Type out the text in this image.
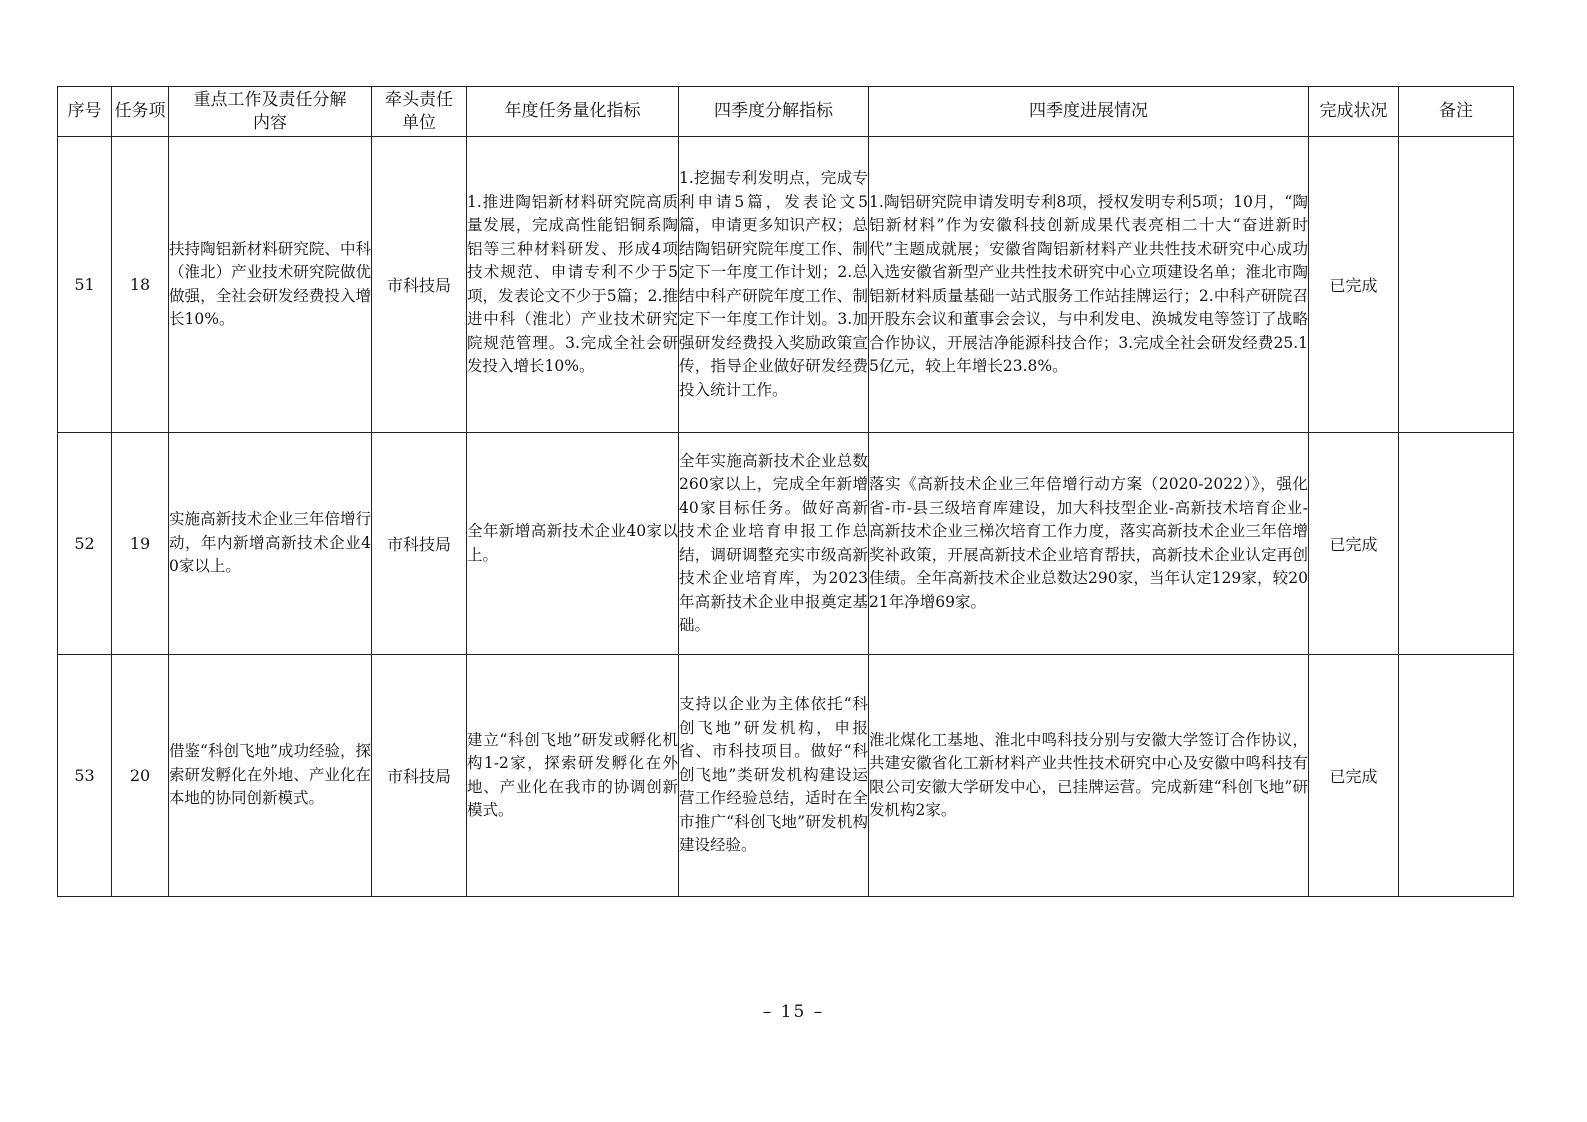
序号	任务项	重点工作及责任分解内容	牵头责任单位	年度任务量化指标	四季度分解指标	四季度进展情况	完成状况	备注
51	18	扶持陶铝新材料研究院、中科（淮北）产业技术研究院做优做强，全社会研发经费投入增长10%。	市科技局	1.推进陶铝新材料研究院高质量发展，完成高性能铝铜系陶铝等三种材料研发、形成4项技术规范、申请专利不少于5项，发表论文不少于5篇；2.推进中科（淮北）产业技术研究院规范管理。3.完成全社会研发投入增长10%。	1.挖掘专利发明点，完成专利申请5篇，发表论文5篇，申请更多知识产权；总结陶铝研究院年度工作、制定下一年度工作计划；2.总结中科产研院年度工作、制定下一年度工作计划。3.加强研发经费投入奖励政策宣传，指导企业做好研发经费投入统计工作。	1.陶铝研究院申请发明专利8项，授权发明专利5项；10月，“陶铝新材料”作为安徽科技创新成果代表亮相二十大“奋进新时代”主题成就展；安徽省陶铝新材料产业共性技术研究中心成功入选安徽省新型产业共性技术研究中心立项建设名单；淮北市陶铝新材料质量基础一站式服务工作站挂牌运行；2.中科产研院召开股东会议和董事会会议，与中利发电、涣城发电等签订了战略合作协议，开展洁净能源科技合作；3.完成全社会研发经费25.15亿元，较上年增长23.8%。	已完成	
52	19	实施高新技术企业三年倍增行动，年内新增高新技术企业40家以上。	市科技局	全年新增高新技术企业40家以上。	全年实施高新技术企业总数260家以上，完成全年新增40家目标任务。做好高新技术企业培育申报工作总结，调研调整充实市级高新技术企业培育库，为2023年高新技术企业申报奠定基础。	落实《高新技术企业三年倍增行动方案（2020-2022）》，强化省-市-县三级培育库建设，加大科技型企业-高新技术培育企业-高新技术企业三梯次培育工作力度，落实高新技术企业三年倍增奖补政策，开展高新技术企业培育帮扶，高新技术企业认定再创佳绩。全年高新技术企业总数达290家，当年认定129家，较2021年净增69家。	已完成	
53	20	借鉴“科创飞地”成功经验，探索研发孵化在外地、产业化在本地的协同创新模式。	市科技局	建立“科创飞地”研发或孵化机构1-2家，探索研发孵化在外地、产业化在我市的协调创新模式。	支持以企业为主体依托“科创飞地”研发机构，申报省、市科技项目。做好“科创飞地”类研发机构建设运营工作经验总结，适时在全市推广“科创飞地”研发机构建设经验。	淮北煤化工基地、淮北中鸣科技分别与安徽大学签订合作协议，共建安徽省化工新材料产业共性技术研究中心及安徽中鸣科技有限公司安徽大学研发中心，已挂牌运营。完成新建“科创飞地”研发机构2家。	已完成	
– 15 –
